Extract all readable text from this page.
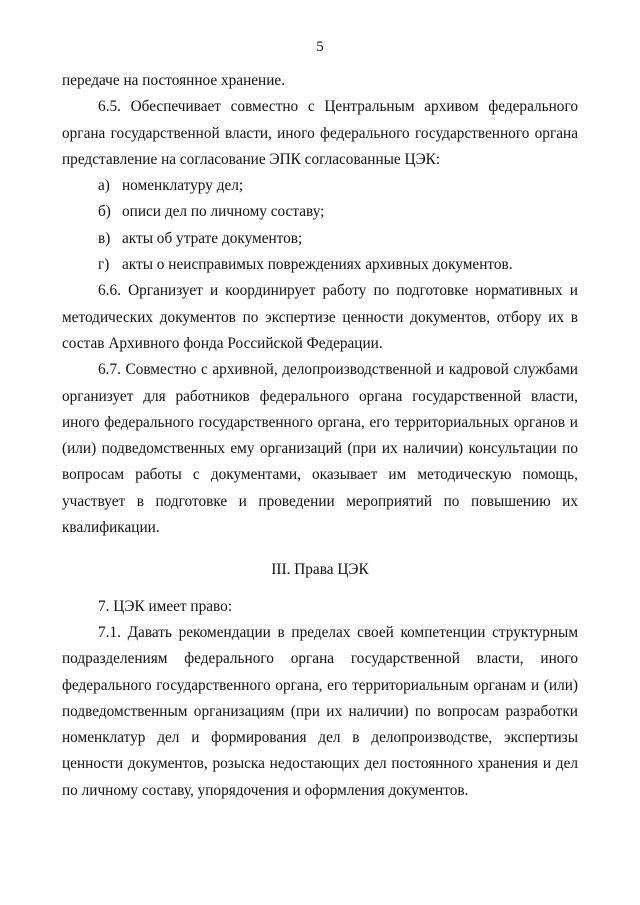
5

передаче на постоянное хранение.

6.5. Обеспечивает совместно с Центральным архивом федерального органа государственной власти, иного федерального государственного органа представление на согласование ЭПК согласованные ЦЭК:

а) номенклатуру дел;

б) описи дел по личному составу;

в) акты об утрате документов;

г) акты о неисправимых повреждениях архивных документов.

6.6. Организует и координирует работу по подготовке нормативных и методических документов по экспертизе ценности документов, отбору их в состав Архивного фонда Российской Федерации.

6.7. Совместно с архивной, делопроизводственной и кадровой службами организует для работников федерального органа государственной власти, иного федерального государственного органа, его территориальных органов и (или) подведомственных ему организаций (при их наличии) консультации по вопросам работы с документами, оказывает им методическую помощь, участвует в подготовке и проведении мероприятий по повышению их квалификации.

III. Права ЦЭК

7. ЦЭК имеет право:

7.1. Давать рекомендации в пределах своей компетенции структурным подразделениям федерального органа государственной власти, иного федерального государственного органа, его территориальным органам и (или) подведомственным организациям (при их наличии) по вопросам разработки номенклатур дел и формирования дел в делопроизводстве, экспертизы ценности документов, розыска недостающих дел постоянного хранения и дел по личному составу, упорядочения и оформления документов.
